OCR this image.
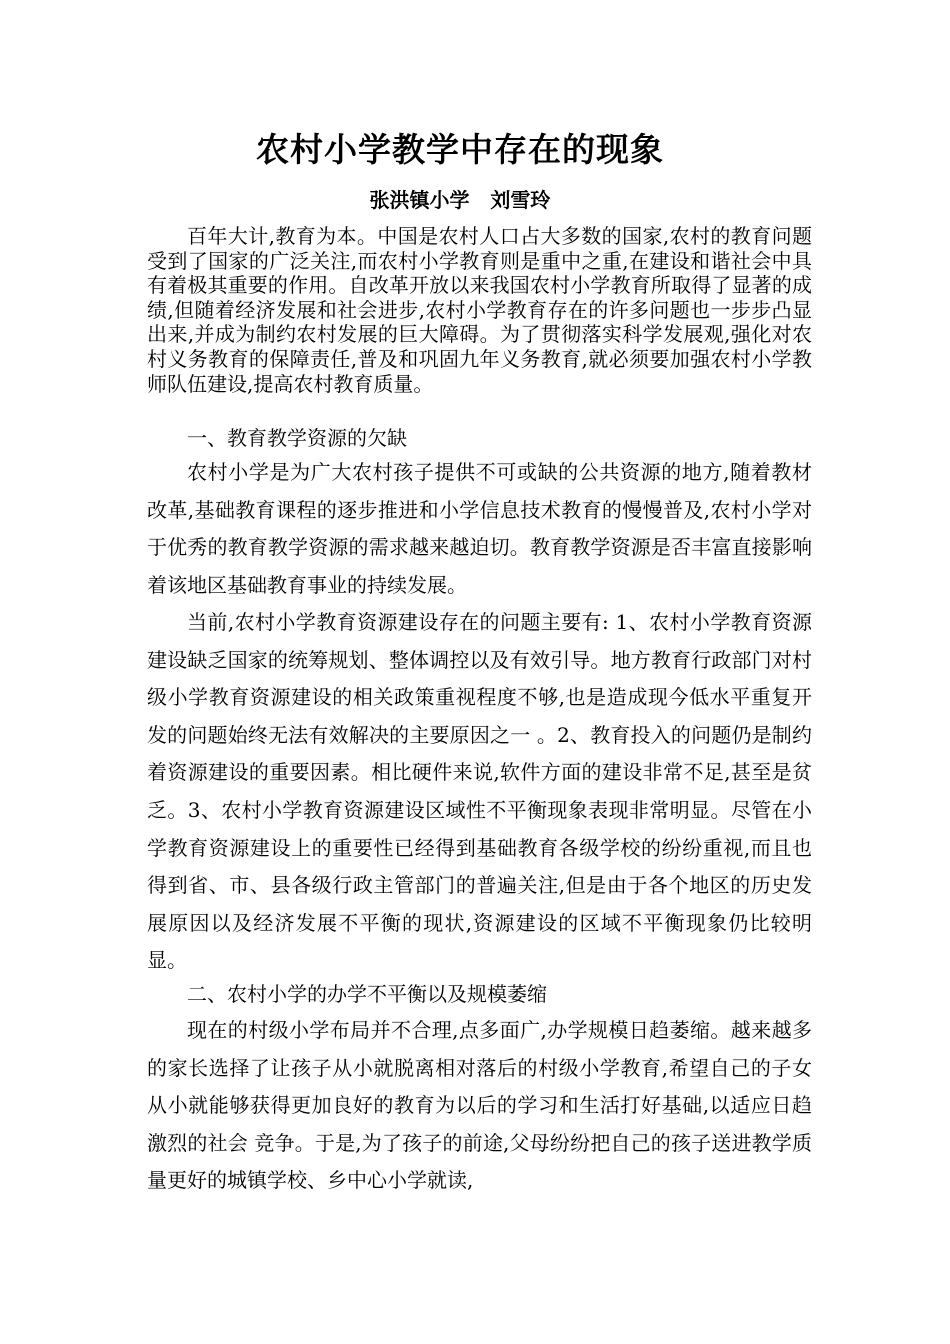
农村小学教学中存在的现象
张洪镇小学   刘雪玲

百年大计,教育为本。中国是农村人口占大多数的国家,农村的教育问题受到了国家的广泛关注,而农村小学教育则是重中之重,在建设和谐社会中具有着极其重要的作用。自改革开放以来我国农村小学教育所取得了显著的成绩,但随着经济发展和社会进步,农村小学教育存在的许多问题也一步步凸显出来,并成为制约农村发展的巨大障碍。为了贯彻落实科学发展观,强化对农村义务教育的保障责任,普及和巩固九年义务教育,就必须要加强农村小学教师队伍建设,提高农村教育质量。

一、教育教学资源的欠缺

农村小学是为广大农村孩子提供不可或缺的公共资源的地方,随着教材改革,基础教育课程的逐步推进和小学信息技术教育的慢慢普及,农村小学对于优秀的教育教学资源的需求越来越迫切。教育教学资源是否丰富直接影响着该地区基础教育事业的持续发展。

当前,农村小学教育资源建设存在的问题主要有: 1、农村小学教育资源建设缺乏国家的统筹规划、整体调控以及有效引导。地方教育行政部门对村级小学教育资源建设的相关政策重视程度不够,也是造成现今低水平重复开发的问题始终无法有效解决的主要原因之一 。2、教育投入的问题仍是制约着资源建设的重要因素。相比硬件来说,软件方面的建设非常不足,甚至是贫乏。3、农村小学教育资源建设区域性不平衡现象表现非常明显。尽管在小学教育资源建设上的重要性已经得到基础教育各级学校的纷纷重视,而且也得到省、市、县各级行政主管部门的普遍关注,但是由于各个地区的历史发展原因以及经济发展不平衡的现状,资源建设的区域不平衡现象仍比较明显。

二、农村小学的办学不平衡以及规模萎缩

现在的村级小学布局并不合理,点多面广,办学规模日趋萎缩。越来越多的家长选择了让孩子从小就脱离相对落后的村级小学教育,希望自己的子女从小就能够获得更加良好的教育为以后的学习和生活打好基础,以适应日趋激烈的社会 竞争。于是,为了孩子的前途,父母纷纷把自己的孩子送进教学质量更好的城镇学校、乡中心小学就读,
